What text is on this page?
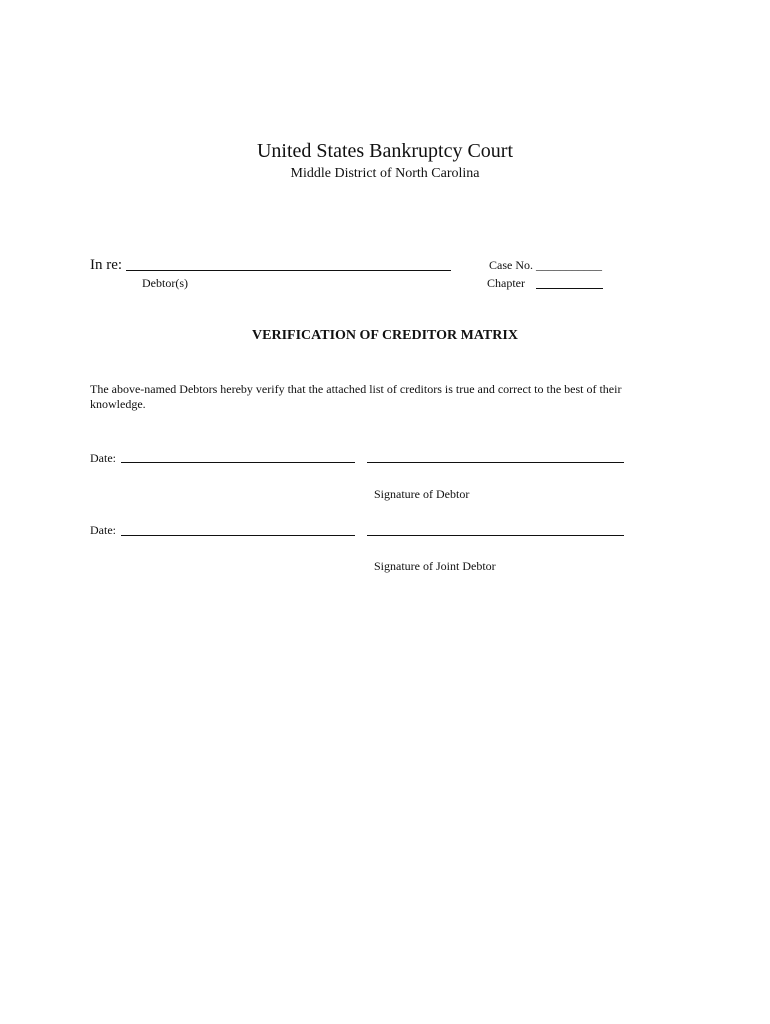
United States Bankruptcy Court
Middle District of North Carolina
In re:
Debtor(s)
Case No. ___________
Chapter
VERIFICATION OF CREDITOR MATRIX
The above-named Debtors hereby verify that the attached list of creditors is true and correct to the best of their knowledge.
Date:
Signature of Debtor
Date:
Signature of Joint Debtor
